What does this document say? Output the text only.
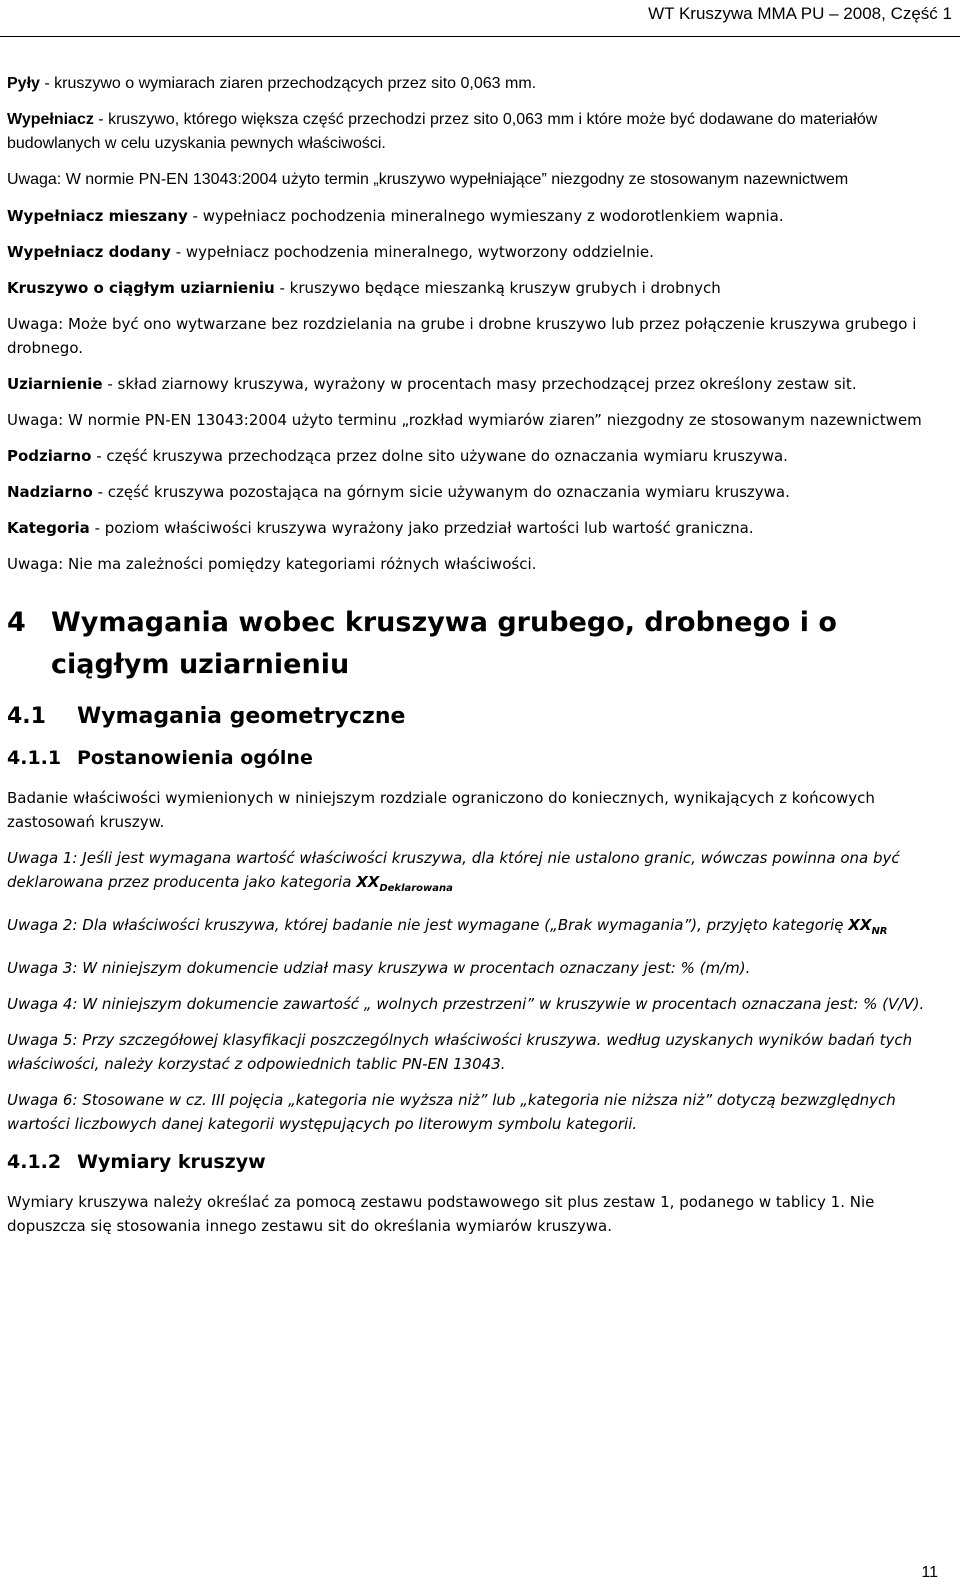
WT Kruszywa MMA PU – 2008, Część 1

Pyły - kruszywo o wymiarach ziaren przechodzących przez sito 0,063 mm.

Wypełniacz - kruszywo, którego większa część przechodzi przez sito 0,063 mm i które może być dodawane do materiałów budowlanych w celu uzyskania pewnych właściwości.

Uwaga: W normie PN-EN 13043:2004 użyto termin „kruszywo wypełniające” niezgodny ze stosowanym nazewnictwem

Wypełniacz mieszany - wypełniacz pochodzenia mineralnego wymieszany z wodorotlenkiem wapnia.

Wypełniacz dodany - wypełniacz pochodzenia mineralnego, wytworzony oddzielnie.

Kruszywo o ciągłym uziarnieniu - kruszywo będące mieszanką kruszyw grubych i drobnych

Uwaga: Może być ono wytwarzane bez rozdzielania na grube i drobne kruszywo lub przez połączenie kruszywa grubego i drobnego.

Uziarnienie - skład ziarnowy kruszywa, wyrażony w procentach masy przechodzącej przez określony zestaw sit.

Uwaga: W normie PN-EN 13043:2004 użyto terminu „rozkład wymiarów ziaren” niezgodny ze stosowanym nazewnictwem

Podziarno - część kruszywa przechodząca przez dolne sito używane do oznaczania wymiaru kruszywa.

Nadziarno - część kruszywa pozostająca na górnym sicie używanym do oznaczania wymiaru kruszywa.

Kategoria - poziom właściwości kruszywa wyrażony jako przedział wartości lub wartość graniczna.

Uwaga: Nie ma zależności pomiędzy kategoriami różnych właściwości.

4 Wymagania wobec kruszywa grubego, drobnego i o ciągłym uziarnieniu
4.1 Wymagania geometryczne
4.1.1 Postanowienia ogólne

Badanie właściwości wymienionych w niniejszym rozdziale ograniczono do koniecznych, wynikających z końcowych zastosowań kruszyw.

Uwaga 1: Jeśli jest wymagana wartość właściwości kruszywa, dla której nie ustalono granic, wówczas powinna ona być deklarowana przez producenta jako kategoria $XX_{Deklarowana}$

Uwaga 2: Dla właściwości kruszywa, której badanie nie jest wymagane („Brak wymagania”), przyjęto kategorię $XX_{NR}$

Uwaga 3: W niniejszym dokumencie udział masy kruszywa w procentach oznaczany jest: % (m/m).

Uwaga 4: W niniejszym dokumencie zawartość „ wolnych przestrzeni” w kruszywie w procentach oznaczana jest: % (V/V).

Uwaga 5: Przy szczegółowej klasyfikacji poszczególnych właściwości kruszywa. według uzyskanych wyników badań tych właściwości, należy korzystać z odpowiednich tablic PN-EN 13043.

Uwaga 6: Stosowane w cz. III pojęcia „kategoria nie wyższa niż” lub „kategoria nie niższa niż” dotyczą bezwzględnych wartości liczbowych danej kategorii występujących po literowym symbolu kategorii.

4.1.2 Wymiary kruszyw

Wymiary kruszywa należy określać za pomocą zestawu podstawowego sit plus zestaw 1, podanego w tablicy 1. Nie dopuszcza się stosowania innego zestawu sit do określania wymiarów kruszywa.

11
